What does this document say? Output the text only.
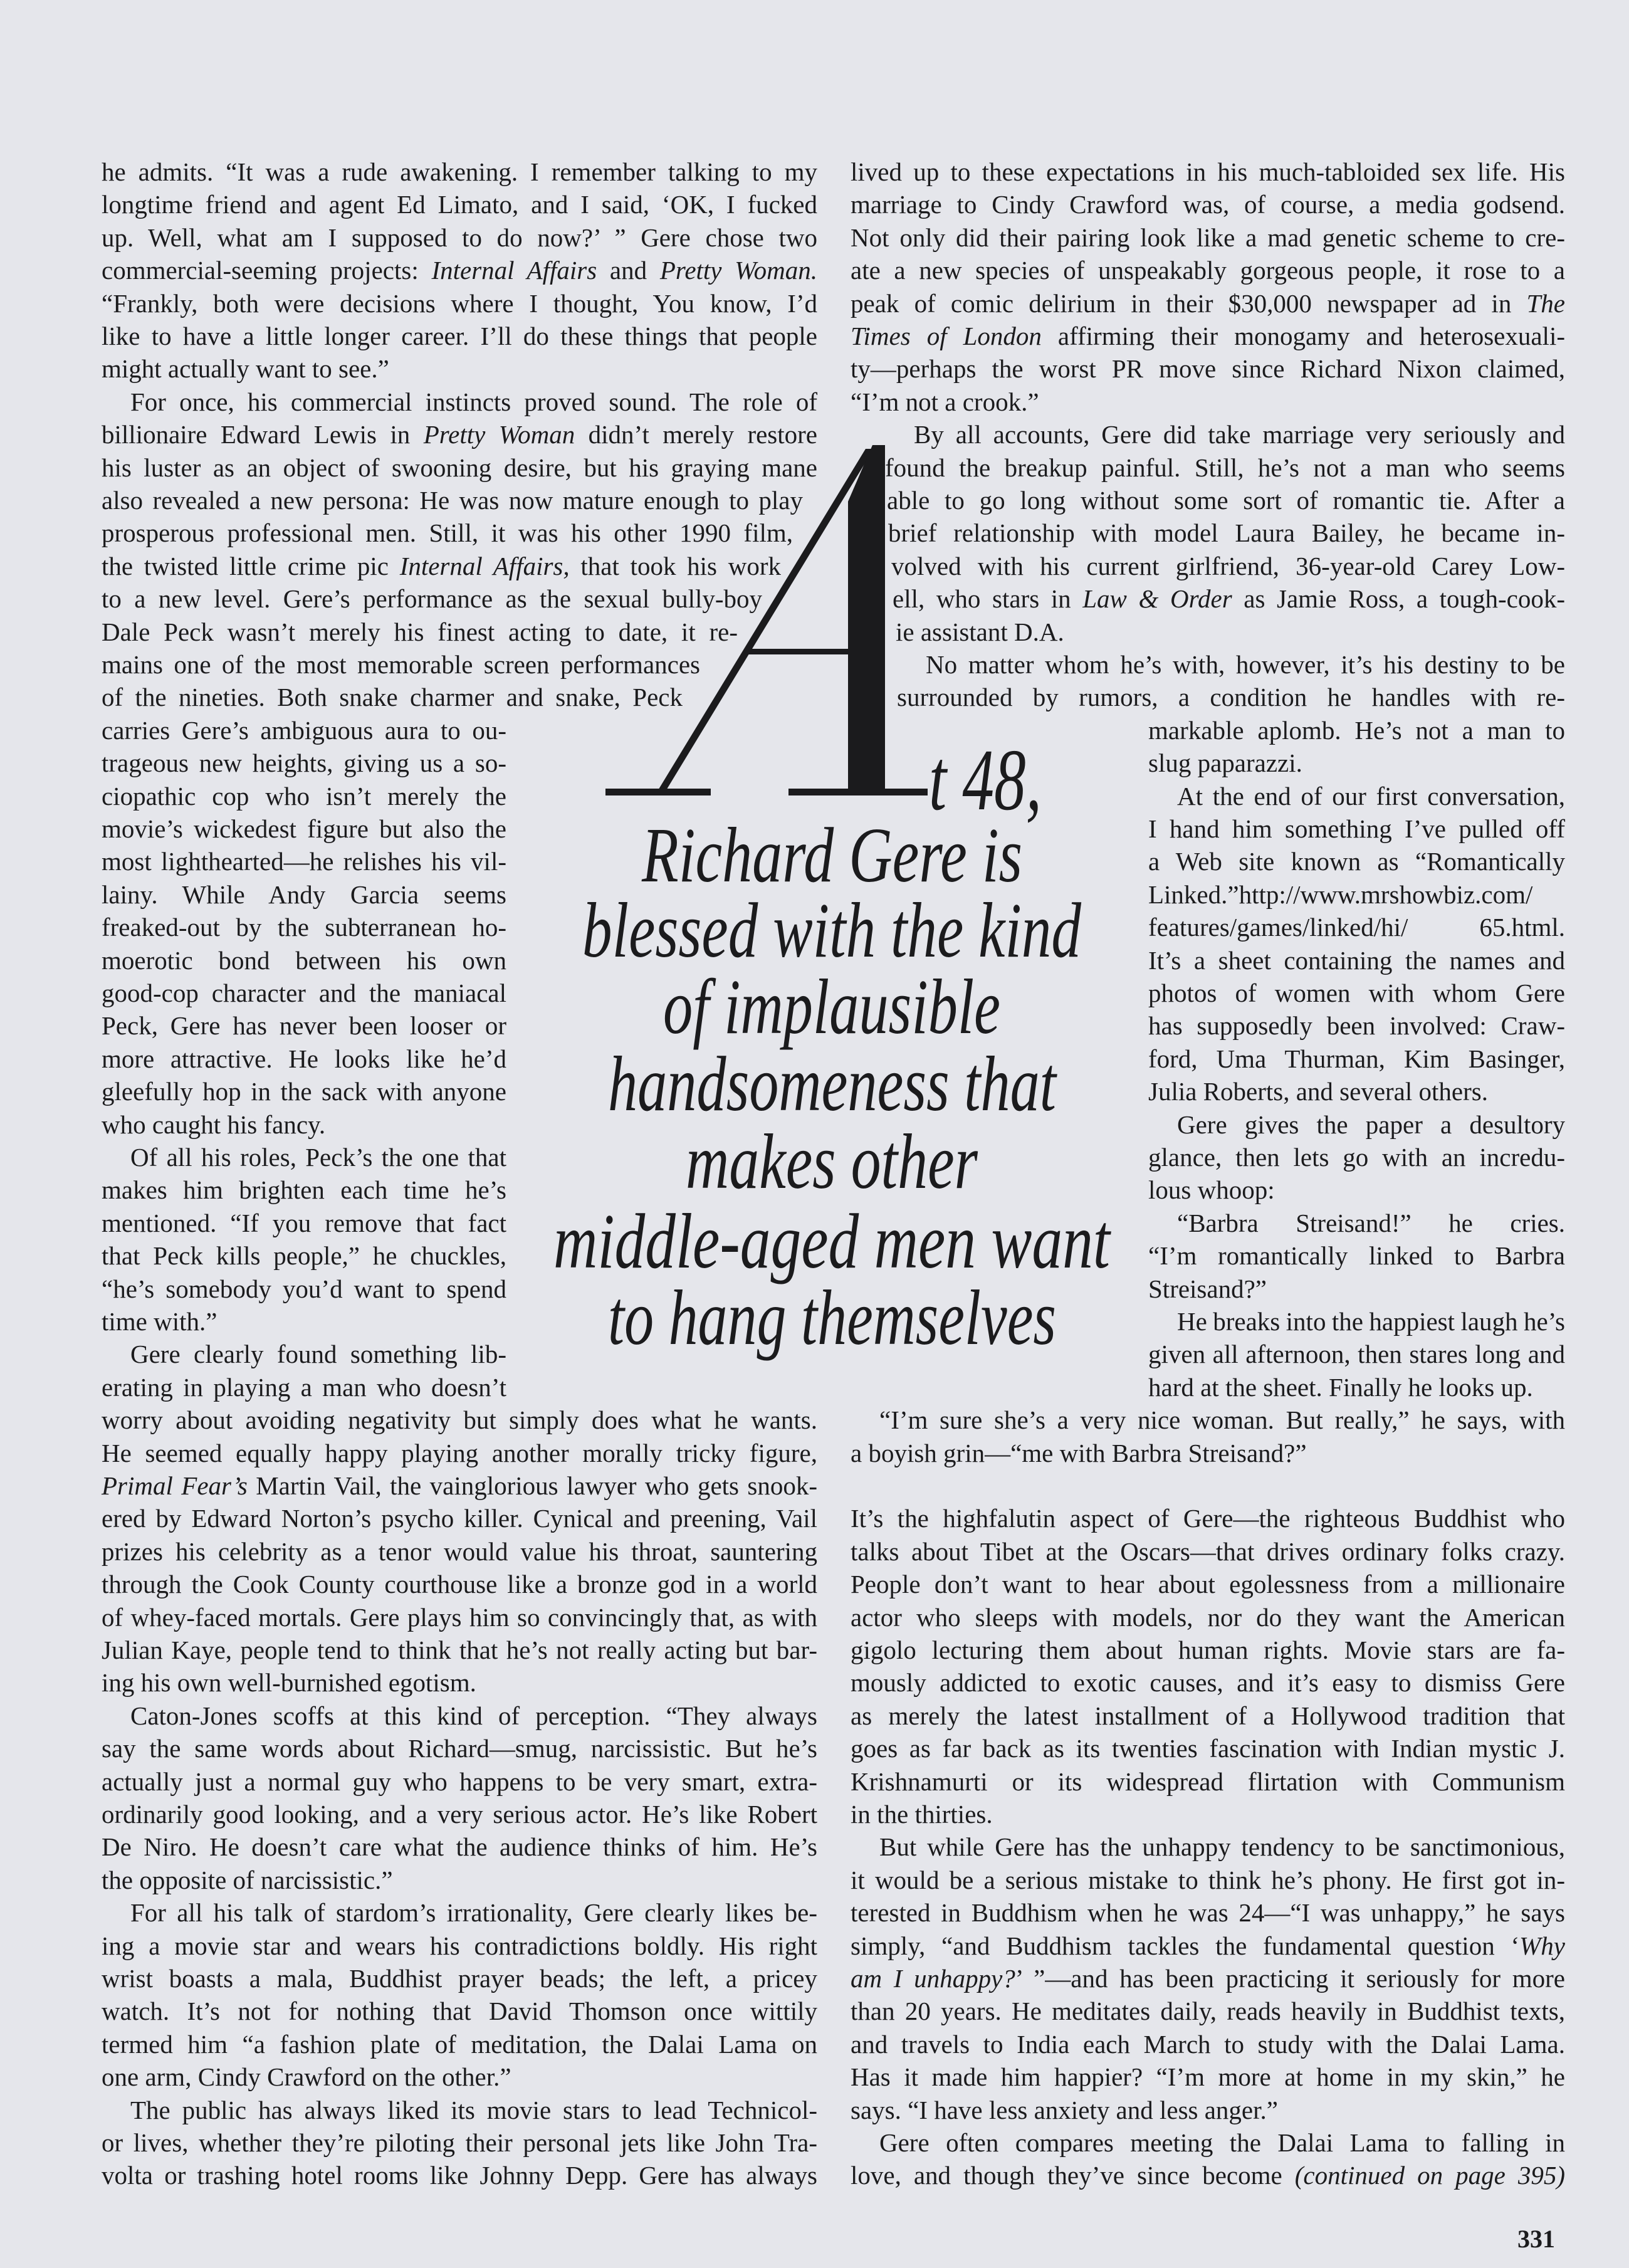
he admits. “It was a rude awakening. I remember talking to my
longtime friend and agent Ed Limato, and I said, ‘OK, I fucked
up. Well, what am I supposed to do now?’ ” Gere chose two
commercial-seeming projects: Internal Affairs and Pretty Woman.
“Frankly, both were decisions where I thought, You know, I’d
like to have a little longer career. I’ll do these things that people
might actually want to see.”
For once, his commercial instincts proved sound. The role of
billionaire Edward Lewis in Pretty Woman didn’t merely restore
his luster as an object of swooning desire, but his graying mane
also revealed a new persona: He was now mature enough to play
prosperous professional men. Still, it was his other 1990 film,
the twisted little crime pic Internal Affairs, that took his work
to a new level. Gere’s performance as the sexual bully-boy
Dale Peck wasn’t merely his finest acting to date, it re-
mains one of the most memorable screen performances
of the nineties. Both snake charmer and snake, Peck
carries Gere’s ambiguous aura to ou-
trageous new heights, giving us a so-
ciopathic cop who isn’t merely the
movie’s wickedest figure but also the
most lighthearted—he relishes his vil-
lainy. While Andy Garcia seems
freaked-out by the subterranean ho-
moerotic bond between his own
good-cop character and the maniacal
Peck, Gere has never been looser or
more attractive. He looks like he’d
gleefully hop in the sack with anyone
who caught his fancy.
Of all his roles, Peck’s the one that
makes him brighten each time he’s
mentioned. “If you remove that fact
that Peck kills people,” he chuckles,
“he’s somebody you’d want to spend
time with.”
Gere clearly found something lib-
erating in playing a man who doesn’t
worry about avoiding negativity but simply does what he wants.
He seemed equally happy playing another morally tricky figure,
Primal Fear’s Martin Vail, the vainglorious lawyer who gets snook-
ered by Edward Norton’s psycho killer. Cynical and preening, Vail
prizes his celebrity as a tenor would value his throat, sauntering
through the Cook County courthouse like a bronze god in a world
of whey-faced mortals. Gere plays him so convincingly that, as with
Julian Kaye, people tend to think that he’s not really acting but bar-
ing his own well-burnished egotism.
Caton-Jones scoffs at this kind of perception. “They always
say the same words about Richard—smug, narcissistic. But he’s
actually just a normal guy who happens to be very smart, extra-
ordinarily good looking, and a very serious actor. He’s like Robert
De Niro. He doesn’t care what the audience thinks of him. He’s
the opposite of narcissistic.”
For all his talk of stardom’s irrationality, Gere clearly likes be-
ing a movie star and wears his contradictions boldly. His right
wrist boasts a mala, Buddhist prayer beads; the left, a pricey
watch. It’s not for nothing that David Thomson once wittily
termed him “a fashion plate of meditation, the Dalai Lama on
one arm, Cindy Crawford on the other.”
The public has always liked its movie stars to lead Technicol-
or lives, whether they’re piloting their personal jets like John Tra-
volta or trashing hotel rooms like Johnny Depp. Gere has always
lived up to these expectations in his much-tabloided sex life. His
marriage to Cindy Crawford was, of course, a media godsend.
Not only did their pairing look like a mad genetic scheme to cre-
ate a new species of unspeakably gorgeous people, it rose to a
peak of comic delirium in their $30,000 newspaper ad in The
Times of London affirming their monogamy and heterosexuali-
ty—perhaps the worst PR move since Richard Nixon claimed,
“I’m not a crook.”
By all accounts, Gere did take marriage very seriously and
found the breakup painful. Still, he’s not a man who seems
able to go long without some sort of romantic tie. After a
brief relationship with model Laura Bailey, he became in-
volved with his current girlfriend, 36-year-old Carey Low-
ell, who stars in Law & Order as Jamie Ross, a tough-cook-
ie assistant D.A.
No matter whom he’s with, however, it’s his destiny to be
surrounded by rumors, a condition he handles with re-
markable aplomb. He’s not a man to
slug paparazzi.
At the end of our first conversation,
I hand him something I’ve pulled off
a Web site known as “Romantically
Linked.”http://www.mrshowbiz.com/
features/games/linked/hi/ 65.html.
It’s a sheet containing the names and
photos of women with whom Gere
has supposedly been involved: Craw-
ford, Uma Thurman, Kim Basinger,
Julia Roberts, and several others.
Gere gives the paper a desultory
glance, then lets go with an incredu-
lous whoop:
“Barbra Streisand!” he cries.
“I’m romantically linked to Barbra
Streisand?”
He breaks into the happiest laugh he’s
given all afternoon, then stares long and
hard at the sheet. Finally he looks up.
“I’m sure she’s a very nice woman. But really,” he says, with
a boyish grin—“me with Barbra Streisand?”
It’s the highfalutin aspect of Gere—the righteous Buddhist who
talks about Tibet at the Oscars—that drives ordinary folks crazy.
People don’t want to hear about egolessness from a millionaire
actor who sleeps with models, nor do they want the American
gigolo lecturing them about human rights. Movie stars are fa-
mously addicted to exotic causes, and it’s easy to dismiss Gere
as merely the latest installment of a Hollywood tradition that
goes as far back as its twenties fascination with Indian mystic J.
Krishnamurti or its widespread flirtation with Communism
in the thirties.
But while Gere has the unhappy tendency to be sanctimonious,
it would be a serious mistake to think he’s phony. He first got in-
terested in Buddhism when he was 24—“I was unhappy,” he says
simply, “and Buddhism tackles the fundamental question ‘Why
am I unhappy?’ ”—and has been practicing it seriously for more
than 20 years. He meditates daily, reads heavily in Buddhist texts,
and travels to India each March to study with the Dalai Lama.
Has it made him happier? “I’m more at home in my skin,” he
says. “I have less anxiety and less anger.”
Gere often compares meeting the Dalai Lama to falling in
love, and though they’ve since become (continued on page 395)
t 48,
Richard Gere is
blessed with the kind
of implausible
handsomeness that
makes other
middle-aged men want
to hang themselves
331
